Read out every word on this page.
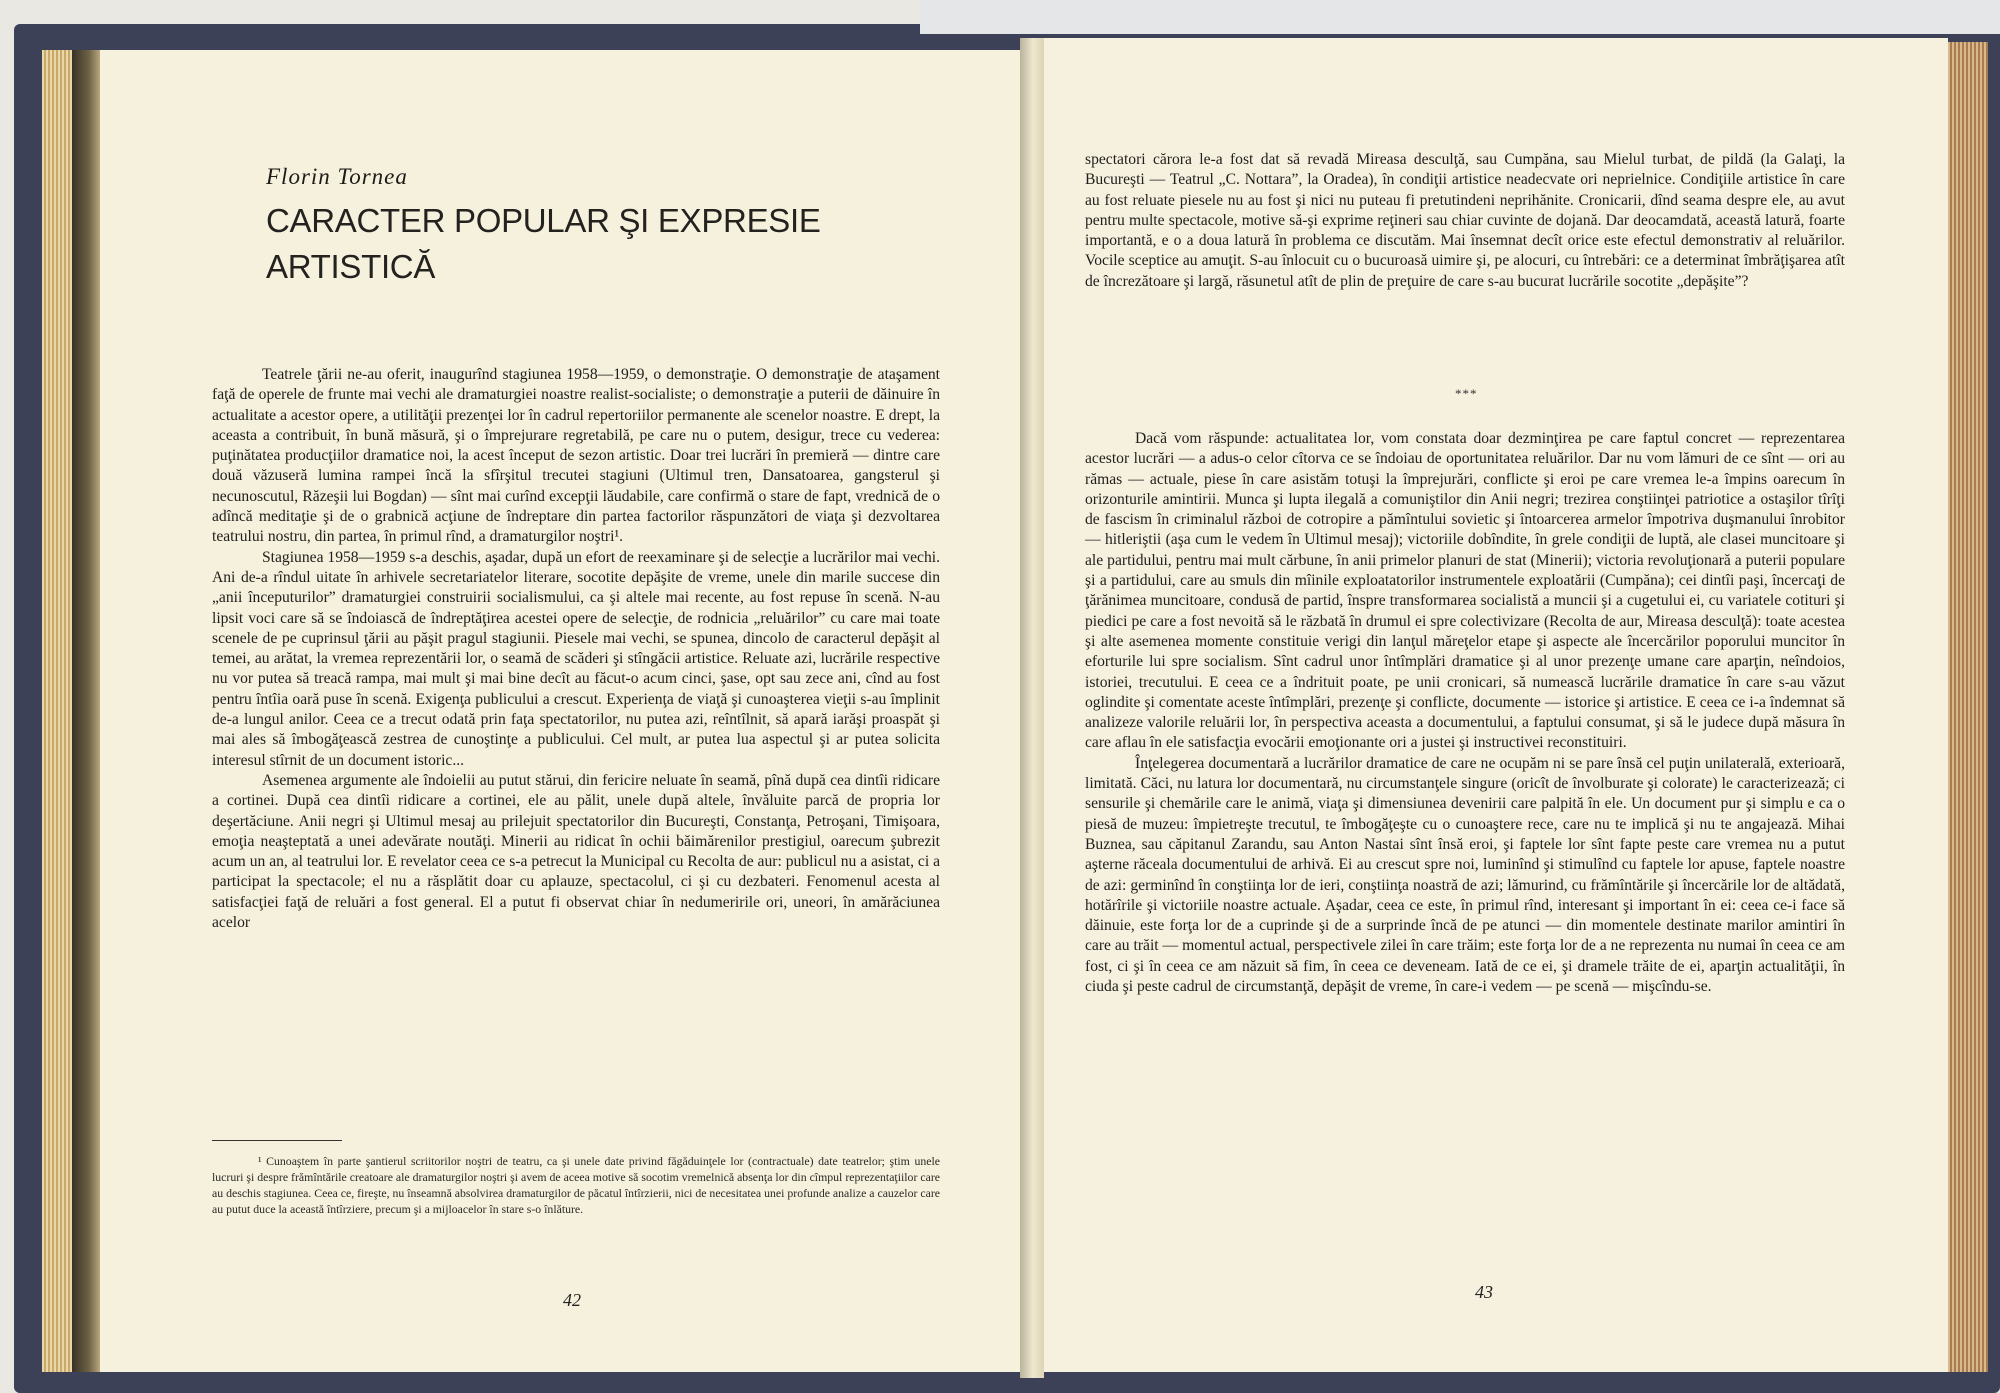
Florin Tornea
CARACTER POPULAR ŞI EXPRESIE ARTISTICĂ

Teatrele ţării ne-au oferit, inaugurînd stagiunea 1958—1959, o demonstraţie. O demonstraţie de ataşament faţă de operele de frunte mai vechi ale dramaturgiei noastre realist-socialiste; o demonstraţie a puterii de dăinuire în actualitate a acestor opere, a utilităţii prezenţei lor în cadrul repertoriilor permanente ale scenelor noastre. E drept, la aceasta a contribuit, în bună măsură, şi o împrejurare regretabilă, pe care nu o putem, desigur, trece cu vederea: puţinătatea producţiilor dramatice noi, la acest început de sezon artistic. Doar trei lucrări în premieră — dintre care două văzuseră lumina rampei încă la sfîrşitul trecutei stagiuni (Ultimul tren, Dansatoarea, gangsterul şi necunoscutul, Răzeşii lui Bogdan) — sînt mai curînd excepţii lăudabile, care confirmă o stare de fapt, vrednică de o adîncă meditaţie şi de o grabnică acţiune de îndreptare din partea factorilor răspunzători de viaţa şi dezvoltarea teatrului nostru, din partea, în primul rînd, a dramaturgilor noştri¹.

Stagiunea 1958—1959 s-a deschis, aşadar, după un efort de reexaminare şi de selecţie a lucrărilor mai vechi. Ani de-a rîndul uitate în arhivele secretariatelor literare, socotite depăşite de vreme, unele din marile succese din „anii începuturilor” dramaturgiei construirii socialismului, ca şi altele mai recente, au fost repuse în scenă. N-au lipsit voci care să se îndoiască de îndreptăţirea acestei opere de selecţie, de rodnicia „reluărilor” cu care mai toate scenele de pe cuprinsul ţării au păşit pragul stagiunii. Piesele mai vechi, se spunea, dincolo de caracterul depăşit al temei, au arătat, la vremea reprezentării lor, o seamă de scăderi şi stîngăcii artistice. Reluate azi, lucrările respective nu vor putea să treacă rampa, mai mult şi mai bine decît au făcut-o acum cinci, şase, opt sau zece ani, cînd au fost pentru întîia oară puse în scenă. Exigenţa publicului a crescut. Experienţa de viaţă şi cunoaşterea vieţii s-au împlinit de-a lungul anilor. Ceea ce a trecut odată prin faţa spectatorilor, nu putea azi, reîntîlnit, să apară iarăşi proaspăt şi mai ales să îmbogăţească zestrea de cunoştinţe a publicului. Cel mult, ar putea lua aspectul şi ar putea solicita interesul stîrnit de un document istoric...

Asemenea argumente ale îndoielii au putut stărui, din fericire neluate în seamă, pînă după cea dintîi ridicare a cortinei. După cea dintîi ridicare a cortinei, ele au pălit, unele după altele, învăluite parcă de propria lor deşertăciune. Anii negri şi Ultimul mesaj au prilejuit spectatorilor din Bucureşti, Constanţa, Petroşani, Timişoara, emoţia neaşteptată a unei adevărate noutăţi. Minerii au ridicat în ochii băimărenilor prestigiul, oarecum şubrezit acum un an, al teatrului lor. E revelator ceea ce s-a petrecut la Municipal cu Recolta de aur: publicul nu a asistat, ci a participat la spectacole; el nu a răsplătit doar cu aplauze, spectacolul, ci şi cu dezbateri. Fenomenul acesta al satisfacţiei faţă de reluări a fost general. El a putut fi observat chiar în nedumeririle ori, uneori, în amărăciunea acelor

¹ Cunoaştem în parte şantierul scriitorilor noştri de teatru, ca şi unele date privind făgăduinţele lor (contractuale) date teatrelor; ştim unele lucruri şi despre frămîntările creatoare ale dramaturgilor noştri şi avem de aceea motive să socotim vremelnică absenţa lor din cîmpul reprezentaţiilor care au deschis stagiunea. Ceea ce, fireşte, nu înseamnă absolvirea dramaturgilor de păcatul întîrzierii, nici de necesitatea unei profunde analize a cauzelor care au putut duce la această întîrziere, precum şi a mijloacelor în stare s-o înlăture.

42

spectatori cărora le-a fost dat să revadă Mireasa desculţă, sau Cumpăna, sau Mielul turbat, de pildă (la Galaţi, la Bucureşti — Teatrul „C. Nottara”, la Oradea), în condiţii artistice neadecvate ori neprielnice. Condiţiile artistice în care au fost reluate piesele nu au fost şi nici nu puteau fi pretutindeni neprihănite. Cronicarii, dînd seama despre ele, au avut pentru multe spectacole, motive să-şi exprime reţineri sau chiar cuvinte de dojană. Dar deocamdată, această latură, foarte importantă, e o a doua latură în problema ce discutăm. Mai însemnat decît orice este efectul demonstrativ al reluărilor. Vocile sceptice au amuţit. S-au înlocuit cu o bucuroasă uimire şi, pe alocuri, cu întrebări: ce a determinat îmbrăţişarea atît de încrezătoare şi largă, răsunetul atît de plin de preţuire de care s-au bucurat lucrările socotite „depăşite”?

***

Dacă vom răspunde: actualitatea lor, vom constata doar dezminţirea pe care faptul concret — reprezentarea acestor lucrări — a adus-o celor cîtorva ce se îndoiau de oportunitatea reluărilor. Dar nu vom lămuri de ce sînt — ori au rămas — actuale, piese în care asistăm totuşi la împrejurări, conflicte şi eroi pe care vremea le-a împins oarecum în orizonturile amintirii. Munca şi lupta ilegală a comuniştilor din Anii negri; trezirea conştiinţei patriotice a ostaşilor tîrîţi de fascism în criminalul război de cotropire a pămîntului sovietic şi întoarcerea armelor împotriva duşmanului înrobitor — hitleriştii (aşa cum le vedem în Ultimul mesaj); victoriile dobîndite, în grele condiţii de luptă, ale clasei muncitoare şi ale partidului, pentru mai mult cărbune, în anii primelor planuri de stat (Minerii); victoria revoluţionară a puterii populare şi a partidului, care au smuls din mîinile exploatatorilor instrumentele exploatării (Cumpăna); cei dintîi paşi, încercaţi de ţărănimea muncitoare, condusă de partid, înspre transformarea socialistă a muncii şi a cugetului ei, cu variatele cotituri şi piedici pe care a fost nevoită să le răzbată în drumul ei spre colectivizare (Recolta de aur, Mireasa desculţă): toate acestea şi alte asemenea momente constituie verigi din lanţul măreţelor etape şi aspecte ale încercărilor poporului muncitor în eforturile lui spre socialism. Sînt cadrul unor întîmplări dramatice şi al unor prezenţe umane care aparţin, neîndoios, istoriei, trecutului. E ceea ce a îndrituit poate, pe unii cronicari, să numească lucrările dramatice în care s-au văzut oglindite şi comentate aceste întîmplări, prezenţe şi conflicte, documente — istorice şi artistice. E ceea ce i-a îndemnat să analizeze valorile reluării lor, în perspectiva aceasta a documentului, a faptului consumat, şi să le judece după măsura în care aflau în ele satisfacţia evocării emoţionante ori a justei şi instructivei reconstituiri.

Înţelegerea documentară a lucrărilor dramatice de care ne ocupăm ni se pare însă cel puţin unilaterală, exterioară, limitată. Căci, nu latura lor documentară, nu circumstanţele singure (oricît de învolburate şi colorate) le caracterizează; ci sensurile şi chemările care le animă, viaţa şi dimensiunea devenirii care palpită în ele. Un document pur şi simplu e ca o piesă de muzeu: împietreşte trecutul, te îmbogăţeşte cu o cunoaştere rece, care nu te implică şi nu te angajează. Mihai Buznea, sau căpitanul Zarandu, sau Anton Nastai sînt însă eroi, şi faptele lor sînt fapte peste care vremea nu a putut aşterne răceala documentului de arhivă. Ei au crescut spre noi, luminînd şi stimulînd cu faptele lor apuse, faptele noastre de azi: germinînd în conştiinţa lor de ieri, conştiinţa noastră de azi; lămurind, cu frămîntările şi încercările lor de altădată, hotărîrile şi victoriile noastre actuale. Aşadar, ceea ce este, în primul rînd, interesant şi important în ei: ceea ce-i face să dăinuie, este forţa lor de a cuprinde şi de a surprinde încă de pe atunci — din momentele destinate marilor amintiri în care au trăit — momentul actual, perspectivele zilei în care trăim; este forţa lor de a ne reprezenta nu numai în ceea ce am fost, ci şi în ceea ce am năzuit să fim, în ceea ce deveneam. Iată de ce ei, şi dramele trăite de ei, aparţin actualităţii, în ciuda şi peste cadrul de circumstanţă, depăşit de vreme, în care-i vedem — pe scenă — mişcîndu-se.

43
